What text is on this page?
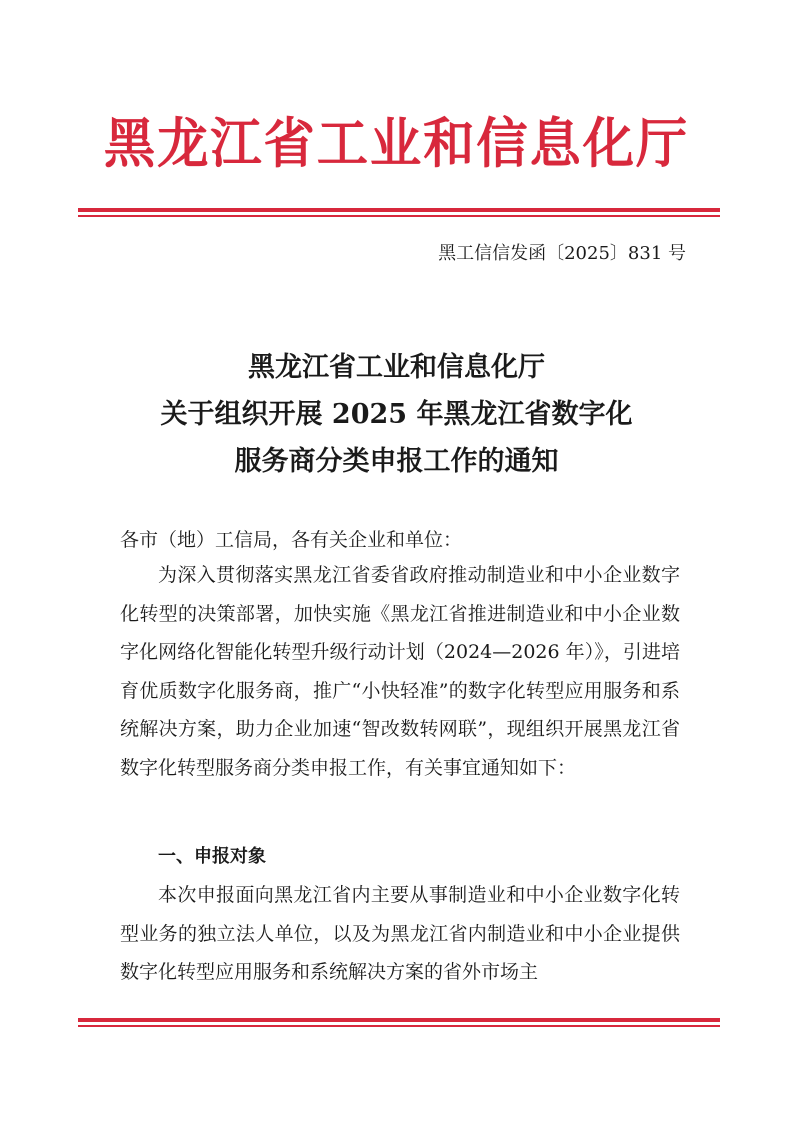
黑龙江省工业和信息化厅
黑工信信发函〔2025〕831 号
黑龙江省工业和信息化厅
关于组织开展 2025 年黑龙江省数字化
服务商分类申报工作的通知
各市（地）工信局，各有关企业和单位：

为深入贯彻落实黑龙江省委省政府推动制造业和中小企业数字化转型的决策部署，加快实施《黑龙江省推进制造业和中小企业数字化网络化智能化转型升级行动计划（2024—2026 年）》，引进培育优质数字化服务商，推广“小快轻准”的数字化转型应用服务和系统解决方案，助力企业加速“智改数转网联”，现组织开展黑龙江省数字化转型服务商分类申报工作，有关事宜通知如下：

一、申报对象

本次申报面向黑龙江省内主要从事制造业和中小企业数字化转型业务的独立法人单位，以及为黑龙江省内制造业和中小企业提供数字化转型应用服务和系统解决方案的省外市场主
